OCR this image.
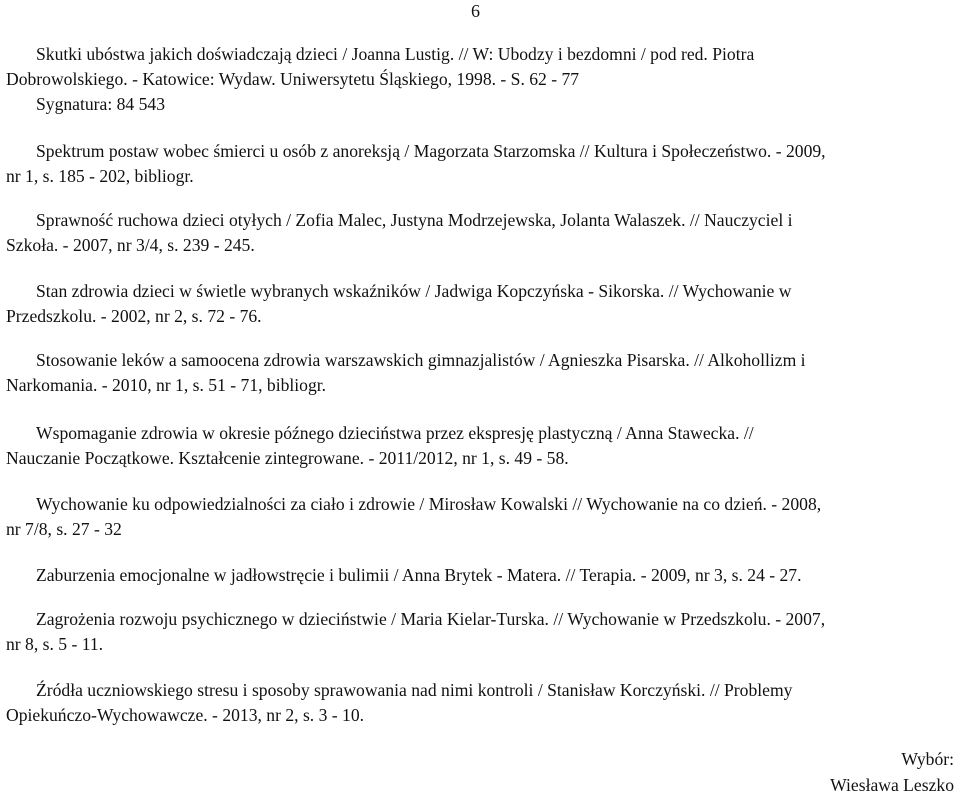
6
Skutki ubóstwa jakich doświadczają dzieci / Joanna Lustig. // W: Ubodzy i bezdomni / pod red. Piotra
Dobrowolskiego. - Katowice: Wydaw. Uniwersytetu Śląskiego, 1998. - S. 62 - 77
Sygnatura: 84 543
Spektrum postaw wobec śmierci u osób z anoreksją / Magorzata Starzomska // Kultura i Społeczeństwo. - 2009,
nr 1, s. 185 - 202, bibliogr.
Sprawność ruchowa dzieci otyłych / Zofia Malec, Justyna Modrzejewska, Jolanta Walaszek. // Nauczyciel i
Szkoła. - 2007, nr 3/4, s. 239 - 245.
Stan zdrowia dzieci w świetle wybranych wskaźników / Jadwiga Kopczyńska - Sikorska. // Wychowanie w
Przedszkolu. - 2002, nr 2, s. 72 - 76.
Stosowanie leków a samoocena zdrowia warszawskich gimnazjalistów / Agnieszka Pisarska. // Alkohollizm i
Narkomania. - 2010, nr 1, s. 51 - 71, bibliogr.
Wspomaganie zdrowia w okresie późnego dzieciństwa przez ekspresję plastyczną / Anna Stawecka. //
Nauczanie Początkowe. Kształcenie zintegrowane. - 2011/2012, nr 1, s. 49 - 58.
Wychowanie ku odpowiedzialności za ciało i zdrowie / Mirosław Kowalski // Wychowanie na co dzień. - 2008,
nr 7/8, s. 27 - 32
Zaburzenia emocjonalne w jadłowstręcie i bulimii / Anna Brytek - Matera. // Terapia. - 2009, nr 3, s. 24 - 27.
Zagrożenia rozwoju psychicznego w dzieciństwie / Maria Kielar-Turska. // Wychowanie w Przedszkolu. - 2007,
nr 8, s. 5 - 11.
Źródła uczniowskiego stresu i sposoby sprawowania nad nimi kontroli / Stanisław Korczyński. // Problemy
Opiekuńczo-Wychowawcze. - 2013, nr 2, s. 3 - 10.
Wybór:
Wiesława Leszko
